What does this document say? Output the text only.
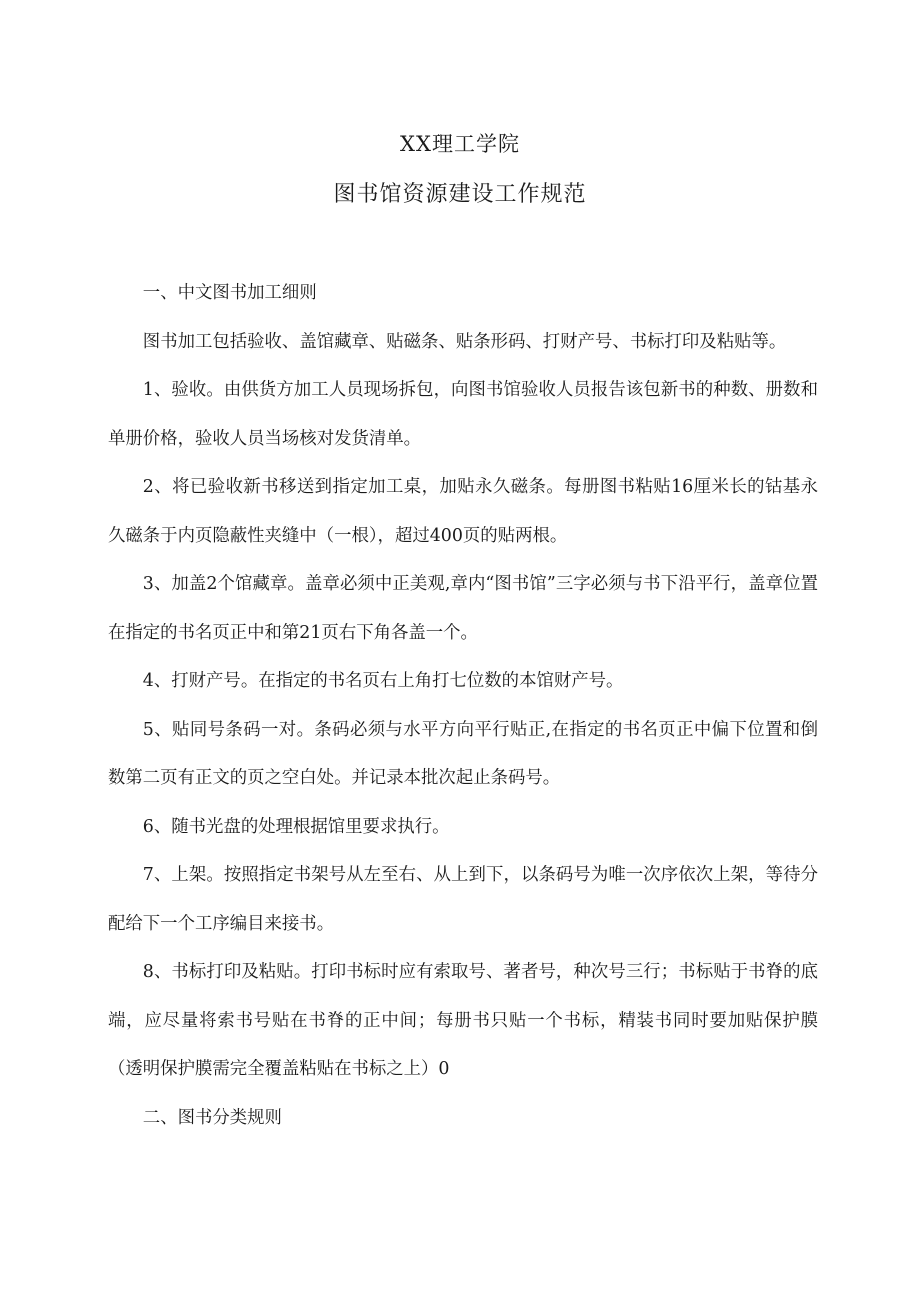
XX理工学院
图书馆资源建设工作规范

一、中文图书加工细则

图书加工包括验收、盖馆藏章、贴磁条、贴条形码、打财产号、书标打印及粘贴等。

1、验收。由供货方加工人员现场拆包，向图书馆验收人员报告该包新书的种数、册数和单册价格，验收人员当场核对发货清单。

2、将已验收新书移送到指定加工桌，加贴永久磁条。每册图书粘贴16厘米长的钴基永久磁条于内页隐蔽性夹缝中（一根），超过400页的贴两根。

3、加盖2个馆藏章。盖章必须中正美观,章内“图书馆”三字必须与书下沿平行，盖章位置在指定的书名页正中和第21页右下角各盖一个。

4、打财产号。在指定的书名页右上角打七位数的本馆财产号。

5、贴同号条码一对。条码必须与水平方向平行贴正,在指定的书名页正中偏下位置和倒数第二页有正文的页之空白处。并记录本批次起止条码号。

6、随书光盘的处理根据馆里要求执行。

7、上架。按照指定书架号从左至右、从上到下，以条码号为唯一次序依次上架，等待分配给下一个工序编目来接书。

8、书标打印及粘贴。打印书标时应有索取号、著者号，种次号三行；书标贴于书脊的底端，应尽量将索书号贴在书脊的正中间；每册书只贴一个书标，精装书同时要加贴保护膜（透明保护膜需完全覆盖粘贴在书标之上）0

二、图书分类规则
